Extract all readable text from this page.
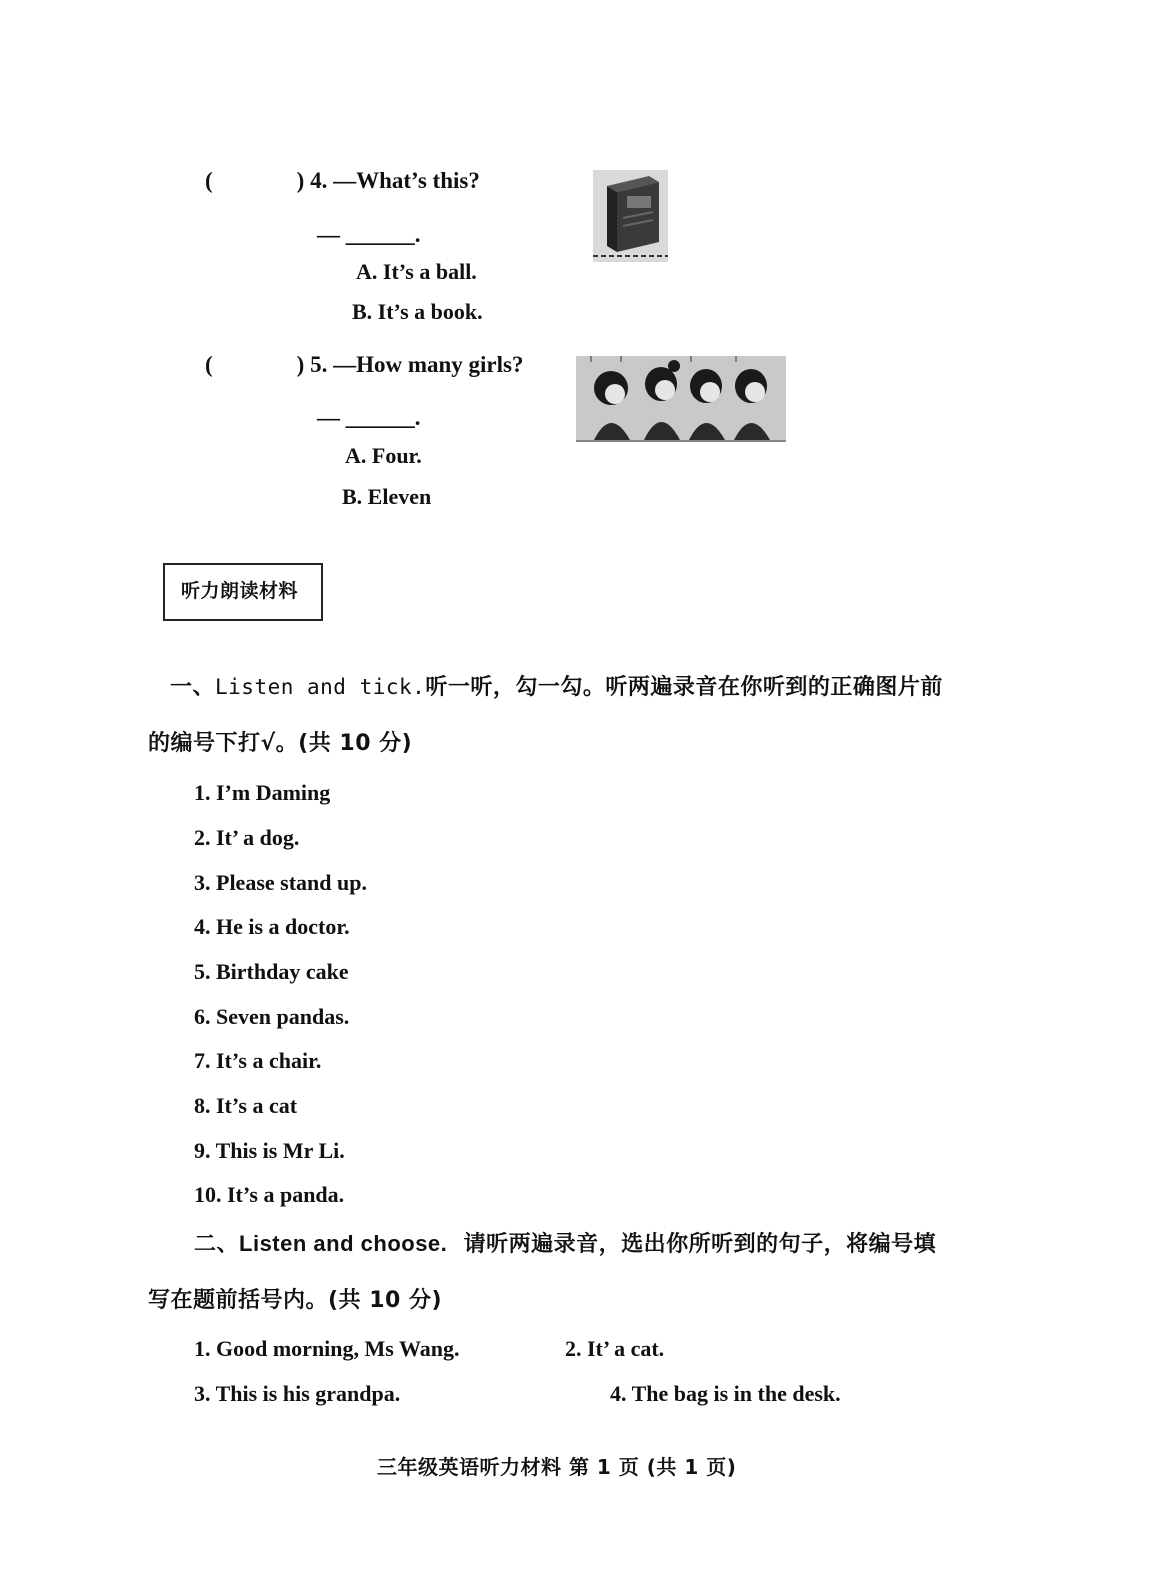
(	) 4. —What’s this?
— ______.
A. It’s a ball.
B. It’s a book.
(	) 5. —How many girls?
— ______.
A. Four.
B. Eleven
听力朗读材料
一、Listen and tick.听一听，勾一勾。听两遍录音在你听到的正确图片前
的编号下打√。(共 10 分)
1. I’m Daming
2. It’ a dog.
3. Please stand up.
4. He is a doctor.
5. Birthday cake
6. Seven pandas.
7. It’s a chair.
8. It’s a cat
9. This is Mr Li.
10. It’s a panda.
二、Listen and choose. 请听两遍录音，选出你所听到的句子，将编号填
写在题前括号内。(共 10 分)
1. Good morning, Ms Wang.	2. It’ a cat.
3. This is his grandpa.	4. The bag is in the desk.
三年级英语听力材料 第 1 页 (共 1 页)
